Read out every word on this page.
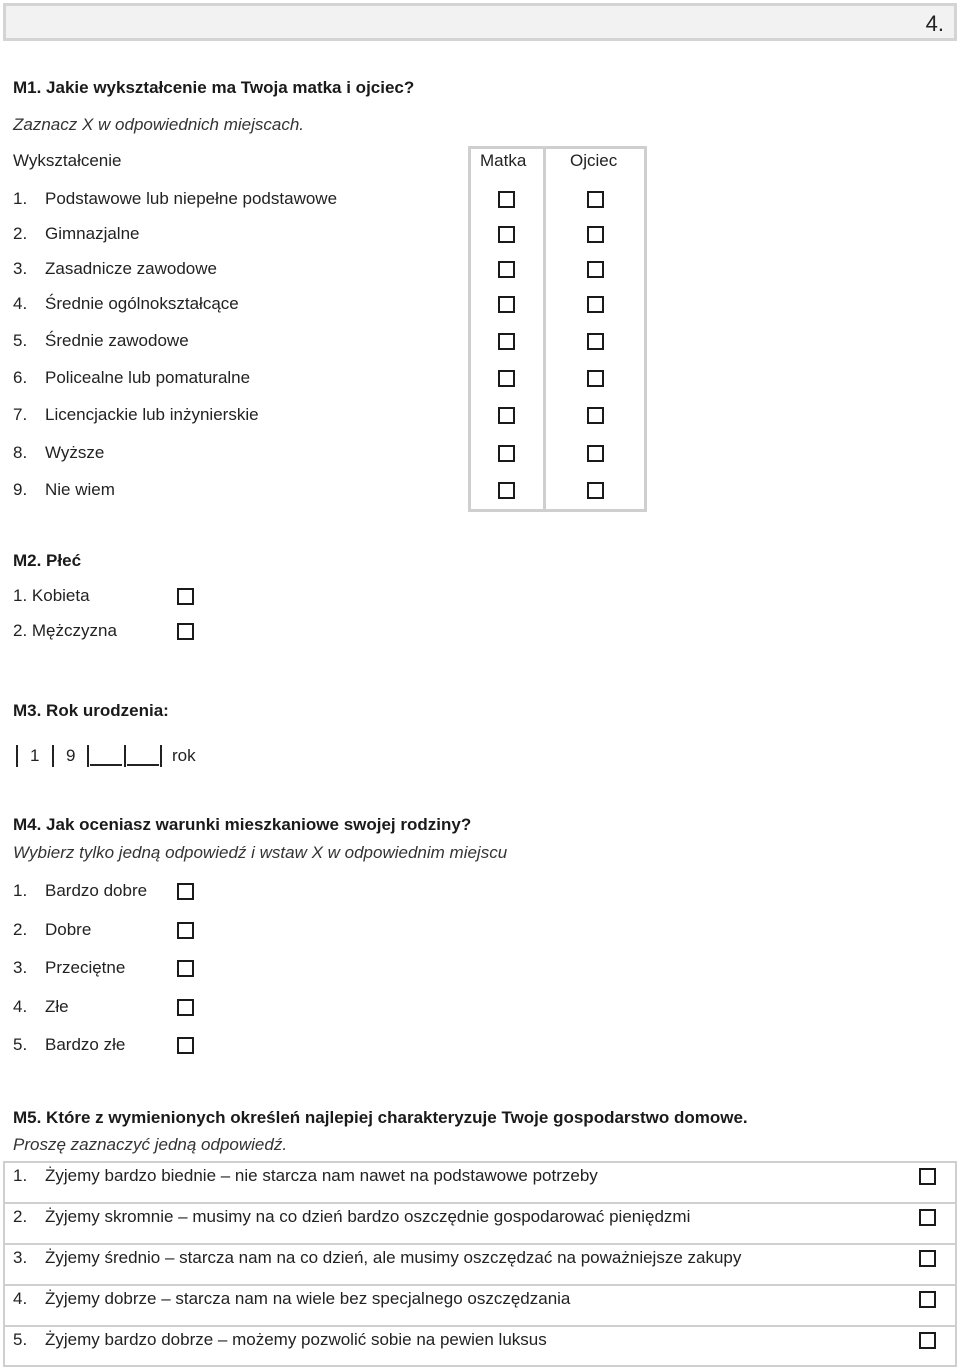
4.
M1. Jakie wykształcenie ma Twoja matka i ojciec?
Zaznacz X w odpowiednich miejscach.
Wykształcenie	Matka	Ojciec
1. Podstawowe lub niepełne podstawowe
2. Gimnazjalne
3. Zasadnicze zawodowe
4. Średnie ogólnokształcące
5. Średnie zawodowe
6. Policealne lub pomaturalne
7. Licencjackie lub inżynierskie
8. Wyższe
9. Nie wiem
M2. Płeć
1. Kobieta
2. Mężczyzna
M3. Rok urodzenia:
1 9	rok
M4. Jak oceniasz warunki mieszkaniowe swojej rodziny?
Wybierz tylko jedną odpowiedź i wstaw X w odpowiednim miejscu
1. Bardzo dobre
2. Dobre
3. Przeciętne
4. Złe
5. Bardzo złe
M5. Które z wymienionych określeń najlepiej charakteryzuje Twoje gospodarstwo domowe.
Proszę zaznaczyć jedną odpowiedź.
1. Żyjemy bardzo biednie – nie starcza nam nawet na podstawowe potrzeby
2. Żyjemy skromnie – musimy na co dzień bardzo oszczędnie gospodarować pieniędzmi
3. Żyjemy średnio – starcza nam na co dzień, ale musimy oszczędzać na poważniejsze zakupy
4. Żyjemy dobrze – starcza nam na wiele bez specjalnego oszczędzania
5. Żyjemy bardzo dobrze – możemy pozwolić sobie na pewien luksus
